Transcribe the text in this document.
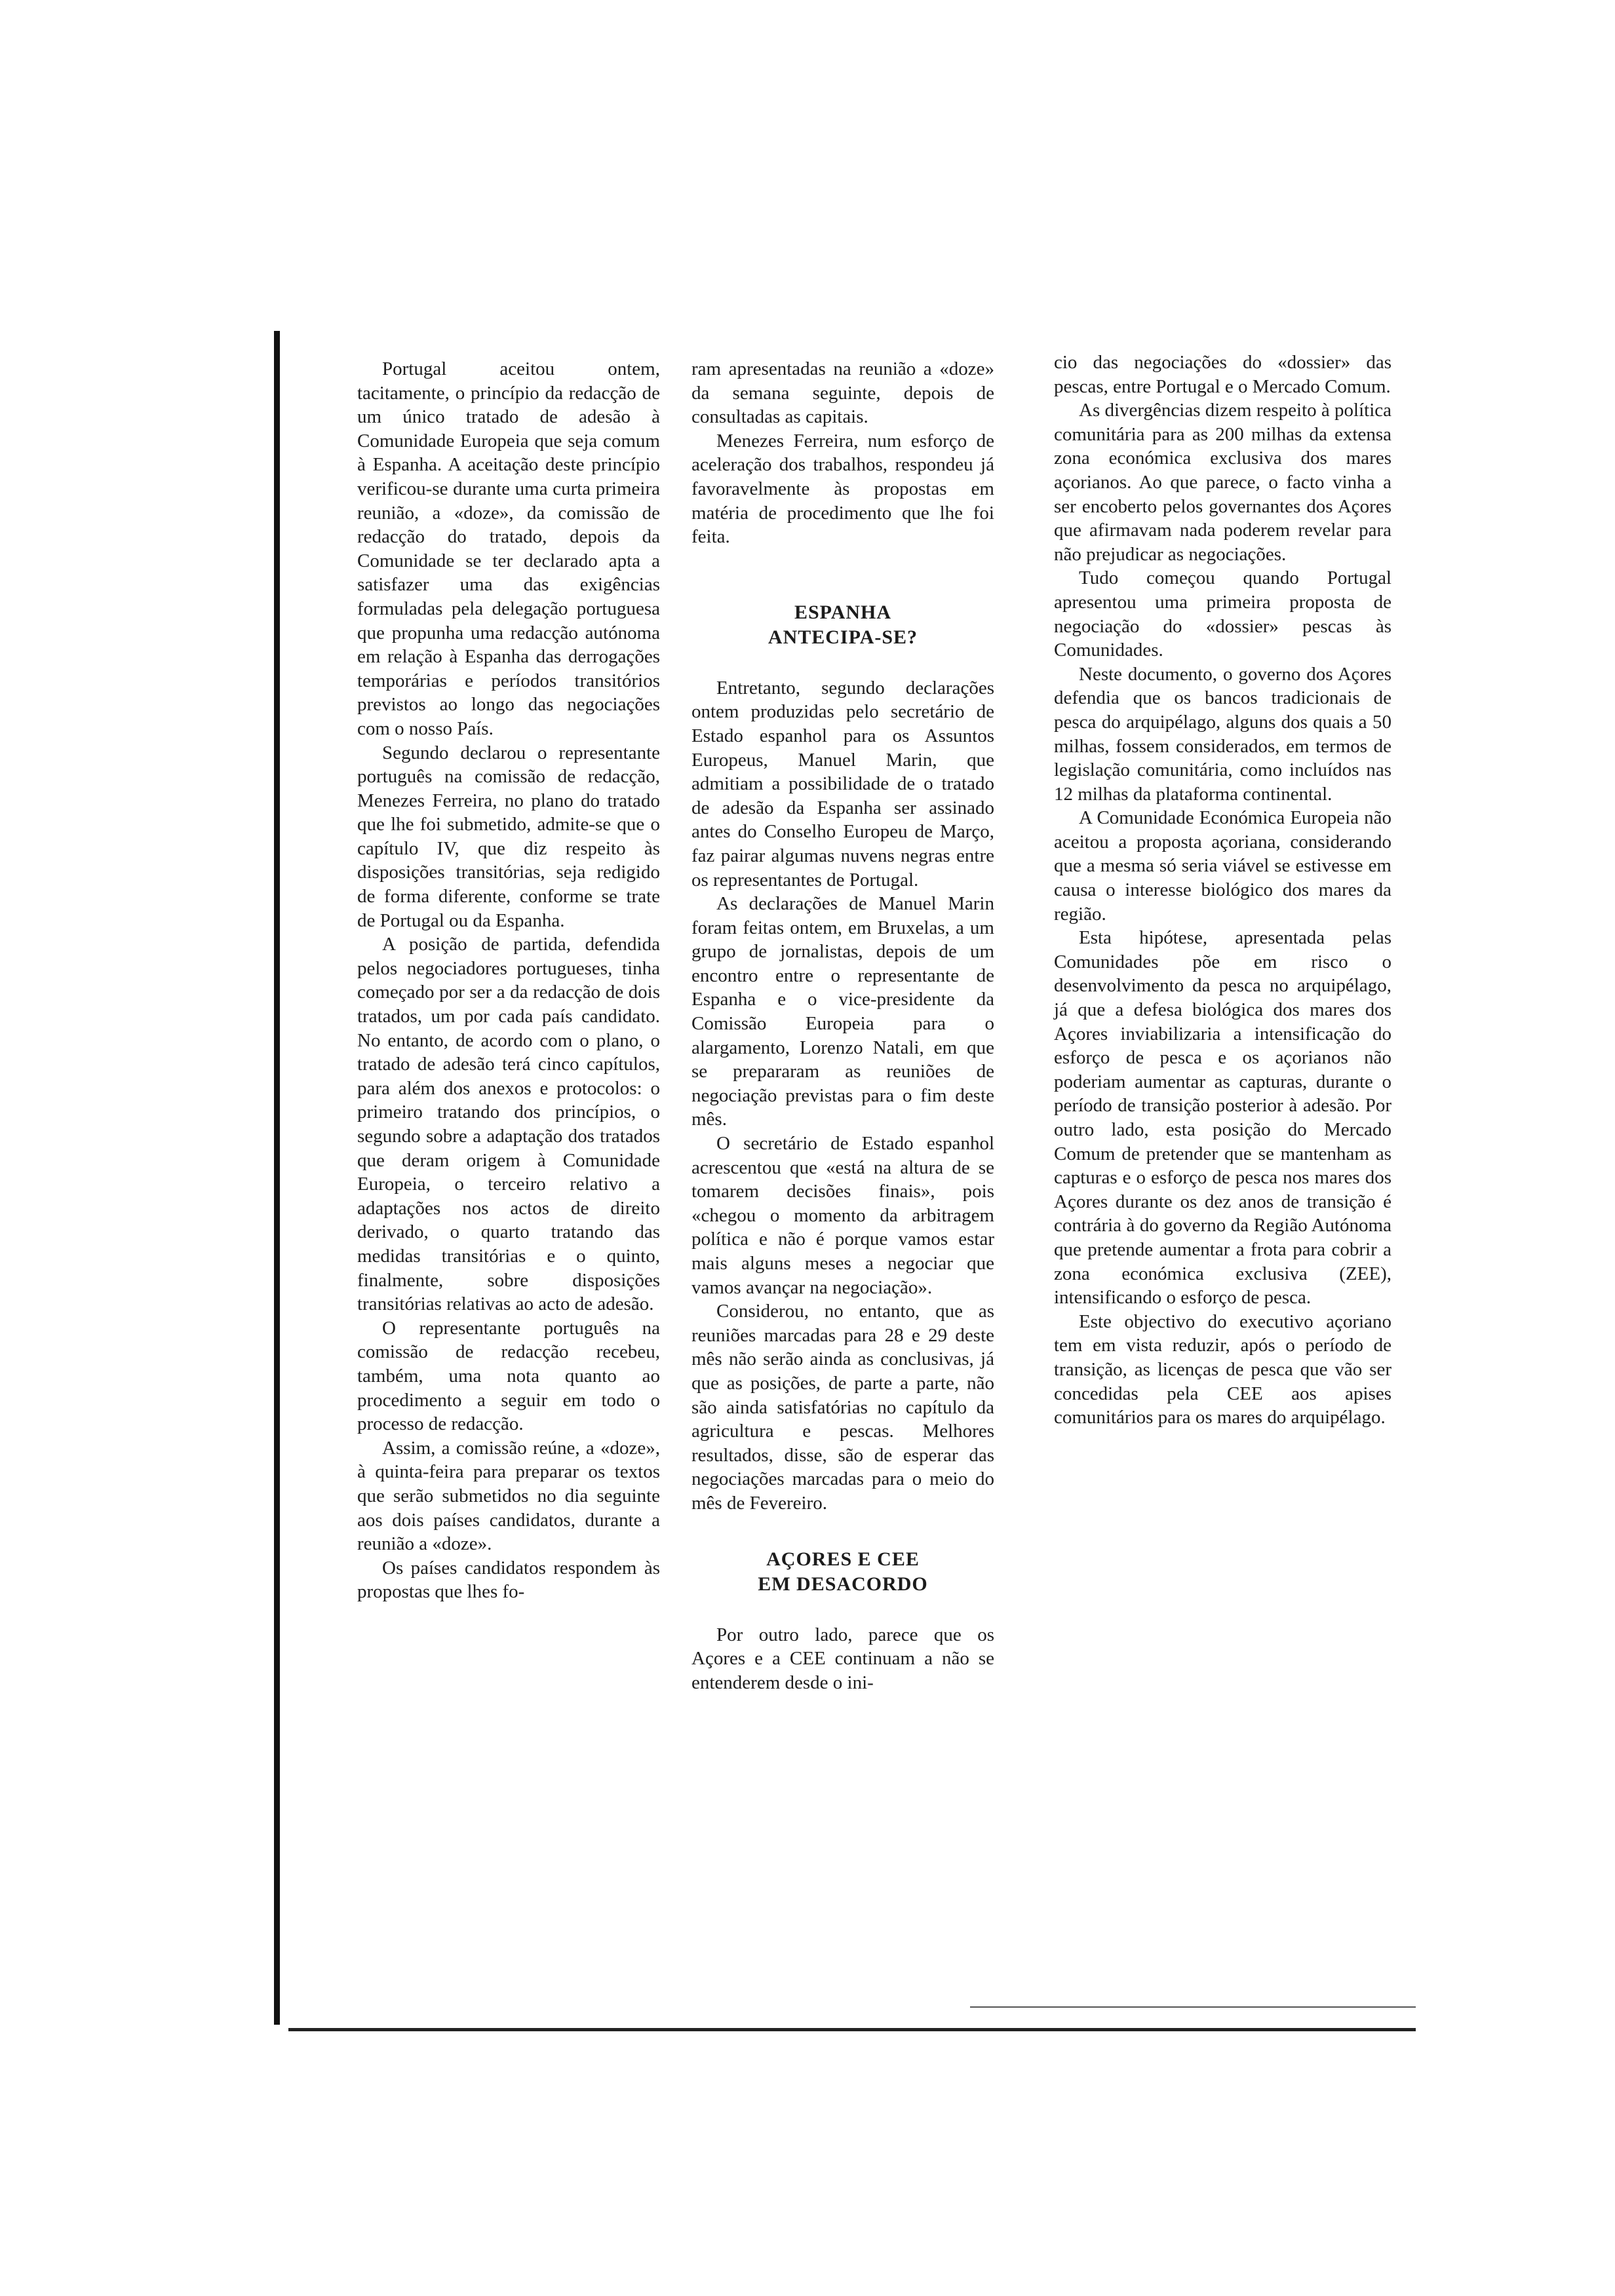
Portugal aceitou ontem, tacitamente, o princípio da redacção de um único tratado de adesão à Comunidade Europeia que seja comum à Espanha. A aceitação deste princípio verificou-se durante uma curta primeira reunião, a «doze», da comissão de redacção do tratado, depois da Comunidade se ter declarado apta a satisfazer uma das exigências formuladas pela delegação portuguesa que propunha uma redacção autónoma em relação à Espanha das derrogações temporárias e períodos transitórios previstos ao longo das negociações com o nosso País.

Segundo declarou o representante português na comissão de redacção, Menezes Ferreira, no plano do tratado que lhe foi submetido, admite-se que o capítulo IV, que diz respeito às disposições transitórias, seja redigido de forma diferente, conforme se trate de Portugal ou da Espanha.

A posição de partida, defendida pelos negociadores portugueses, tinha começado por ser a da redacção de dois tratados, um por cada país candidato. No entanto, de acordo com o plano, o tratado de adesão terá cinco capítulos, para além dos anexos e protocolos: o primeiro tratando dos princípios, o segundo sobre a adaptação dos tratados que deram origem à Comunidade Europeia, o terceiro relativo a adaptações nos actos de direito derivado, o quarto tratando das medidas transitórias e o quinto, finalmente, sobre disposições transitórias relativas ao acto de adesão.

O representante português na comissão de redacção recebeu, também, uma nota quanto ao procedimento a seguir em todo o processo de redacção.

Assim, a comissão reúne, a «doze», à quinta-feira para preparar os textos que serão submetidos no dia seguinte aos dois países candidatos, durante a reunião a «doze».

Os países candidatos respondem às propostas que lhes fo-

ram apresentadas na reunião a «doze» da semana seguinte, depois de consultadas as capitais.

Menezes Ferreira, num esforço de aceleração dos trabalhos, respondeu já favoravelmente às propostas em matéria de procedimento que lhe foi feita.

ESPANHA
ANTECIPA-SE?

Entretanto, segundo declarações ontem produzidas pelo secretário de Estado espanhol para os Assuntos Europeus, Manuel Marin, que admitiam a possibilidade de o tratado de adesão da Espanha ser assinado antes do Conselho Europeu de Março, faz pairar algumas nuvens negras entre os representantes de Portugal.

As declarações de Manuel Marin foram feitas ontem, em Bruxelas, a um grupo de jornalistas, depois de um encontro entre o representante de Espanha e o vice-presidente da Comissão Europeia para o alargamento, Lorenzo Natali, em que se prepararam as reuniões de negociação previstas para o fim deste mês.

O secretário de Estado espanhol acrescentou que «está na altura de se tomarem decisões finais», pois «chegou o momento da arbitragem política e não é porque vamos estar mais alguns meses a negociar que vamos avançar na negociação».

Considerou, no entanto, que as reuniões marcadas para 28 e 29 deste mês não serão ainda as conclusivas, já que as posições, de parte a parte, não são ainda satisfatórias no capítulo da agricultura e pescas. Melhores resultados, disse, são de esperar das negociações marcadas para o meio do mês de Fevereiro.

AÇORES E CEE
EM DESACORDO

Por outro lado, parece que os Açores e a CEE continuam a não se entenderem desde o ini-

cio das negociações do «dossier» das pescas, entre Portugal e o Mercado Comum.

As divergências dizem respeito à política comunitária para as 200 milhas da extensa zona económica exclusiva dos mares açorianos. Ao que parece, o facto vinha a ser encoberto pelos governantes dos Açores que afirmavam nada poderem revelar para não prejudicar as negociações.

Tudo começou quando Portugal apresentou uma primeira proposta de negociação do «dossier» pescas às Comunidades.

Neste documento, o governo dos Açores defendia que os bancos tradicionais de pesca do arquipélago, alguns dos quais a 50 milhas, fossem considerados, em termos de legislação comunitária, como incluídos nas 12 milhas da plataforma continental.

A Comunidade Económica Europeia não aceitou a proposta açoriana, considerando que a mesma só seria viável se estivesse em causa o interesse biológico dos mares da região.

Esta hipótese, apresentada pelas Comunidades põe em risco o desenvolvimento da pesca no arquipélago, já que a defesa biológica dos mares dos Açores inviabilizaria a intensificação do esforço de pesca e os açorianos não poderiam aumentar as capturas, durante o período de transição posterior à adesão. Por outro lado, esta posição do Mercado Comum de pretender que se mantenham as capturas e o esforço de pesca nos mares dos Açores durante os dez anos de transição é contrária à do governo da Região Autónoma que pretende aumentar a frota para cobrir a zona económica exclusiva (ZEE), intensificando o esforço de pesca.

Este objectivo do executivo açoriano tem em vista reduzir, após o período de transição, as licenças de pesca que vão ser concedidas pela CEE aos apises comunitários para os mares do arquipélago.
